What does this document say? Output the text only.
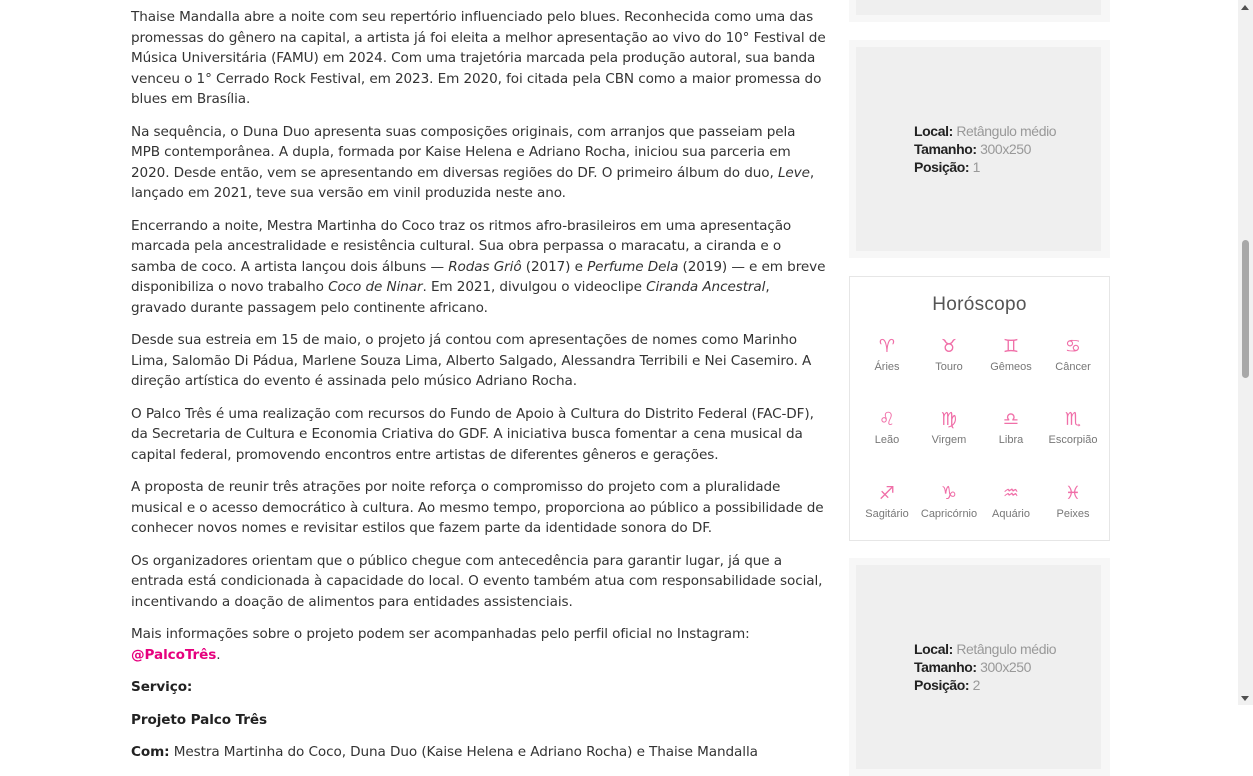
Thaise Mandalla abre a noite com seu repertório influenciado pelo blues. Reconhecida como uma das promessas do gênero na capital, a artista já foi eleita a melhor apresentação ao vivo do 10° Festival de Música Universitária (FAMU) em 2024. Com uma trajetória marcada pela produção autoral, sua banda venceu o 1° Cerrado Rock Festival, em 2023. Em 2020, foi citada pela CBN como a maior promessa do blues em Brasília.

Na sequência, o Duna Duo apresenta suas composições originais, com arranjos que passeiam pela MPB contemporânea. A dupla, formada por Kaise Helena e Adriano Rocha, iniciou sua parceria em 2020. Desde então, vem se apresentando em diversas regiões do DF. O primeiro álbum do duo, Leve, lançado em 2021, teve sua versão em vinil produzida neste ano.

Encerrando a noite, Mestra Martinha do Coco traz os ritmos afro-brasileiros em uma apresentação marcada pela ancestralidade e resistência cultural. Sua obra perpassa o maracatu, a ciranda e o samba de coco. A artista lançou dois álbuns — Rodas Griô (2017) e Perfume Dela (2019) — e em breve disponibiliza o novo trabalho Coco de Ninar. Em 2021, divulgou o videoclipe Ciranda Ancestral, gravado durante passagem pelo continente africano.

Desde sua estreia em 15 de maio, o projeto já contou com apresentações de nomes como Marinho Lima, Salomão Di Pádua, Marlene Souza Lima, Alberto Salgado, Alessandra Terribili e Nei Casemiro. A direção artística do evento é assinada pelo músico Adriano Rocha.

O Palco Três é uma realização com recursos do Fundo de Apoio à Cultura do Distrito Federal (FAC-DF), da Secretaria de Cultura e Economia Criativa do GDF. A iniciativa busca fomentar a cena musical da capital federal, promovendo encontros entre artistas de diferentes gêneros e gerações.

A proposta de reunir três atrações por noite reforça o compromisso do projeto com a pluralidade musical e o acesso democrático à cultura. Ao mesmo tempo, proporciona ao público a possibilidade de conhecer novos nomes e revisitar estilos que fazem parte da identidade sonora do DF.

Os organizadores orientam que o público chegue com antecedência para garantir lugar, já que a entrada está condicionada à capacidade do local. O evento também atua com responsabilidade social, incentivando a doação de alimentos para entidades assistenciais.

Mais informações sobre o projeto podem ser acompanhadas pelo perfil oficial no Instagram: @PalcoTrês.

Serviço:

Projeto Palco Três

Com: Mestra Martinha do Coco, Duna Duo (Kaise Helena e Adriano Rocha) e Thaise Mandalla

Local: Retângulo médio
Tamanho: 300x250
Posição: 1
Horóscopo
♈
Áries
♉
Touro
♊
Gêmeos
♋
Câncer
♌
Leão
♍
Virgem
♎
Libra
♏
Escorpião
♐
Sagitário
♑
Capricórnio
♒
Aquário
♓
Peixes
Local: Retângulo médio
Tamanho: 300x250
Posição: 2
